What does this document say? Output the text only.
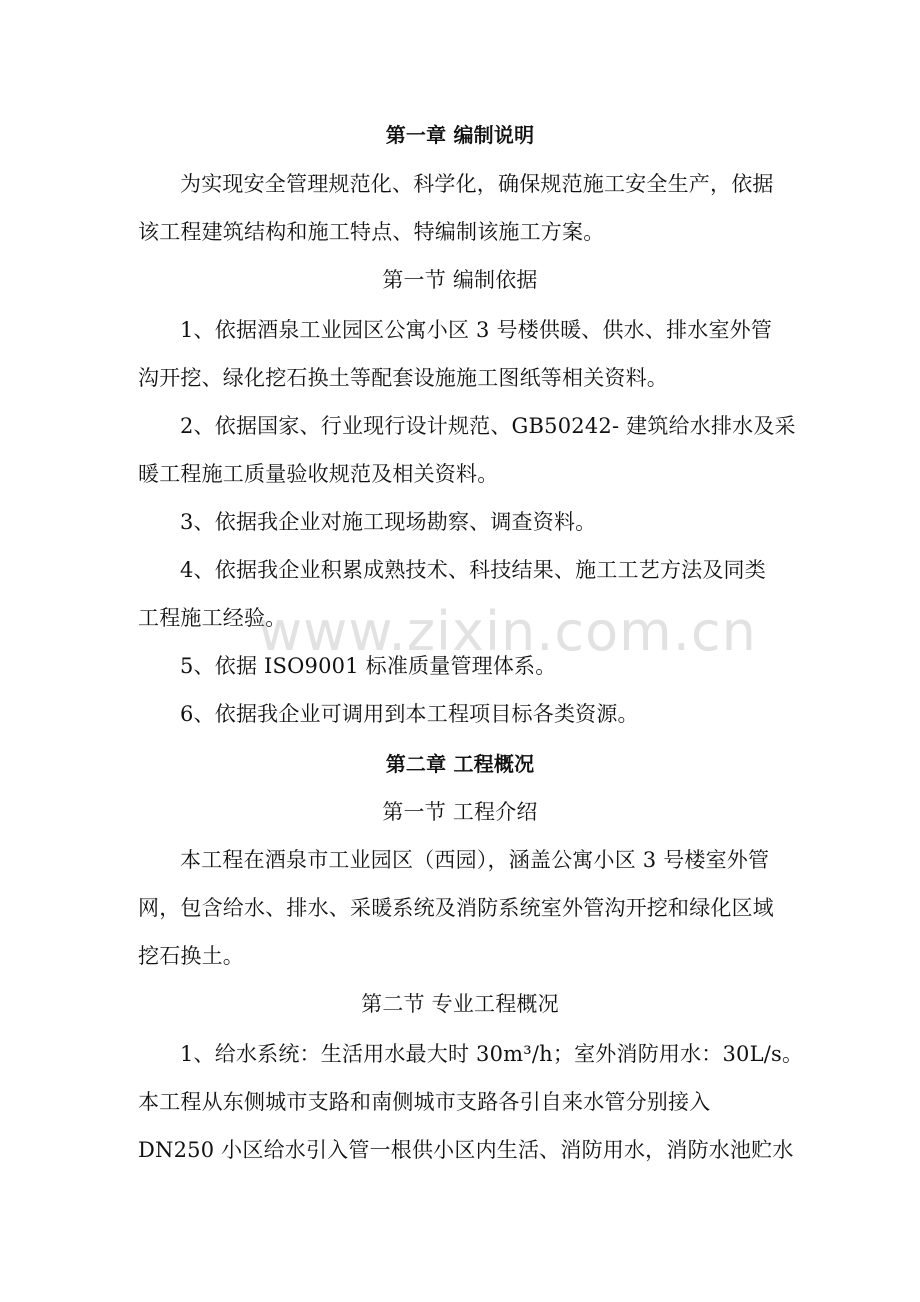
第一章 编制说明
为实现安全管理规范化、科学化，确保规范施工安全生产，依据
该工程建筑结构和施工特点、特编制该施工方案。
第一节 编制依据
1、依据酒泉工业园区公寓小区 3 号楼供暖、供水、排水室外管
沟开挖、绿化挖石换土等配套设施施工图纸等相关资料。
2、依据国家、行业现行设计规范、GB50242- 建筑给水排水及采
暖工程施工质量验收规范及相关资料。
3、依据我企业对施工现场勘察、调查资料。
4、依据我企业积累成熟技术、科技结果、施工工艺方法及同类
工程施工经验。
5、依据 ISO9001 标准质量管理体系。
6、依据我企业可调用到本工程项目标各类资源。
第二章 工程概况
第一节 工程介绍
本工程在酒泉市工业园区（西园），涵盖公寓小区 3 号楼室外管
网，包含给水、排水、采暖系统及消防系统室外管沟开挖和绿化区域
挖石换土。
第二节 专业工程概况
1、给水系统：生活用水最大时 30m³/h；室外消防用水：30L/s。
本工程从东侧城市支路和南侧城市支路各引自来水管分别接入
DN250 小区给水引入管一根供小区内生活、消防用水，消防水池贮水
www.zixin.com.cn
